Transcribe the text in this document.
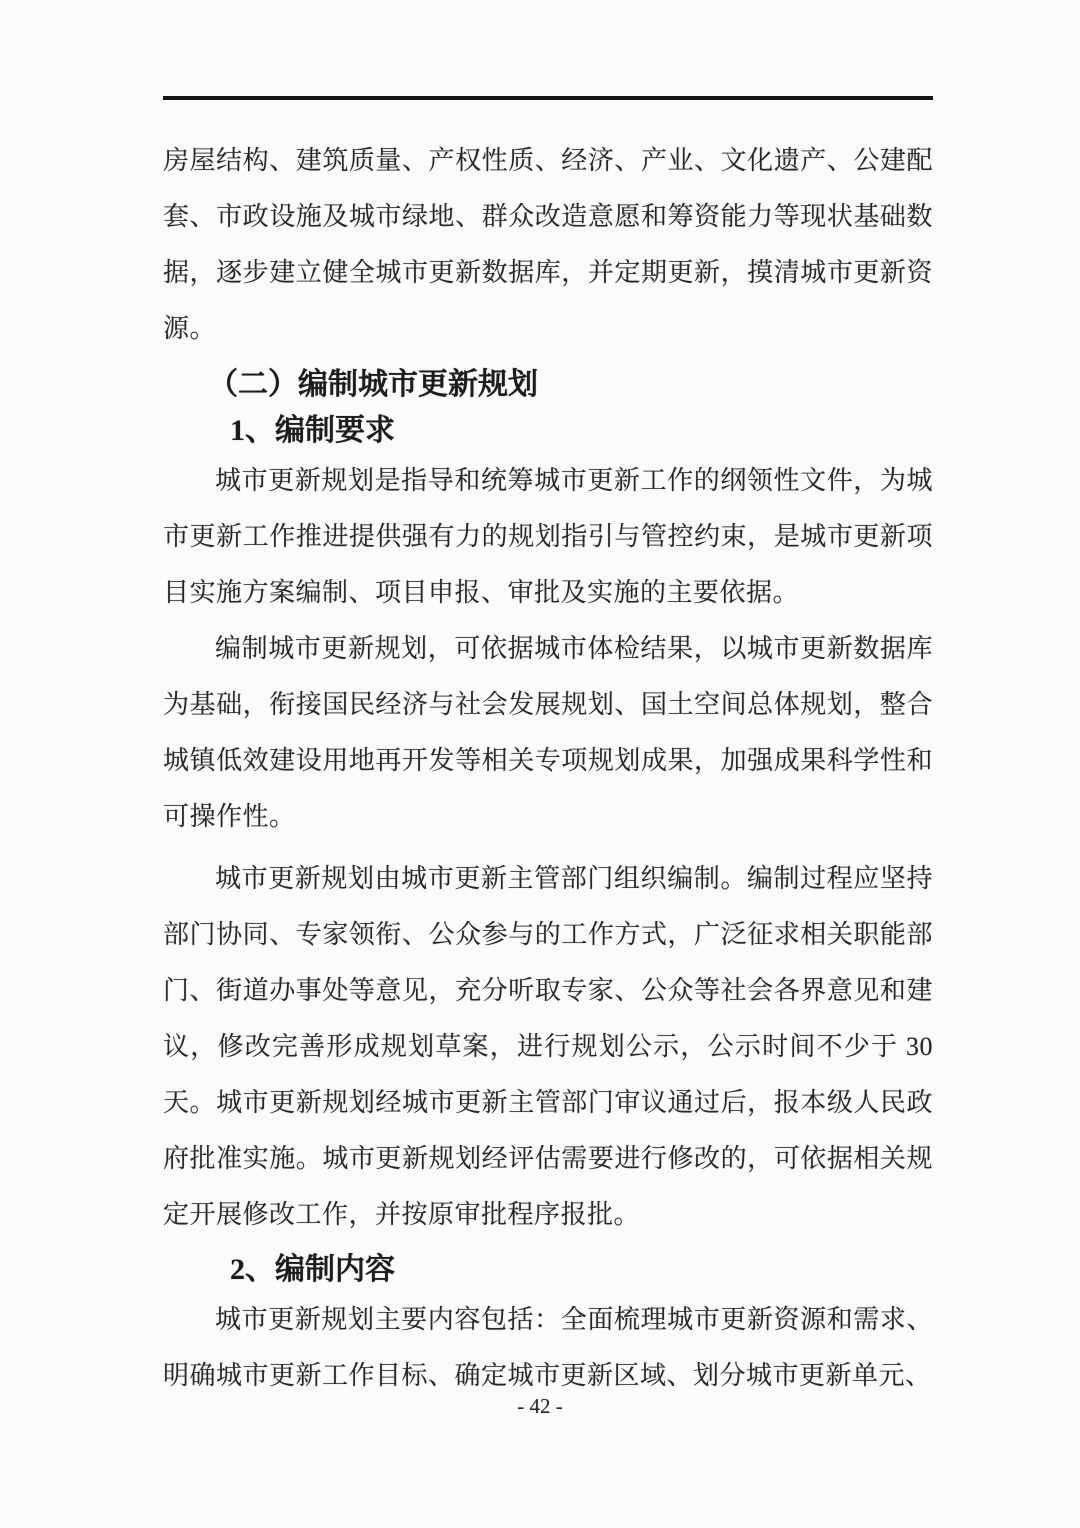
房屋结构、建筑质量、产权性质、经济、产业、文化遗产、公建配套、市政设施及城市绿地、群众改造意愿和筹资能力等现状基础数据，逐步建立健全城市更新数据库，并定期更新，摸清城市更新资源。

（二）编制城市更新规划

1、编制要求

城市更新规划是指导和统筹城市更新工作的纲领性文件，为城市更新工作推进提供强有力的规划指引与管控约束，是城市更新项目实施方案编制、项目申报、审批及实施的主要依据。

编制城市更新规划，可依据城市体检结果，以城市更新数据库为基础，衔接国民经济与社会发展规划、国土空间总体规划，整合城镇低效建设用地再开发等相关专项规划成果，加强成果科学性和可操作性。

城市更新规划由城市更新主管部门组织编制。编制过程应坚持部门协同、专家领衔、公众参与的工作方式，广泛征求相关职能部门、街道办事处等意见，充分听取专家、公众等社会各界意见和建议，修改完善形成规划草案，进行规划公示，公示时间不少于 30 天。城市更新规划经城市更新主管部门审议通过后，报本级人民政府批准实施。城市更新规划经评估需要进行修改的，可依据相关规定开展修改工作，并按原审批程序报批。

2、编制内容

城市更新规划主要内容包括：全面梳理城市更新资源和需求、明确城市更新工作目标、确定城市更新区域、划分城市更新单元、

- 42 -
